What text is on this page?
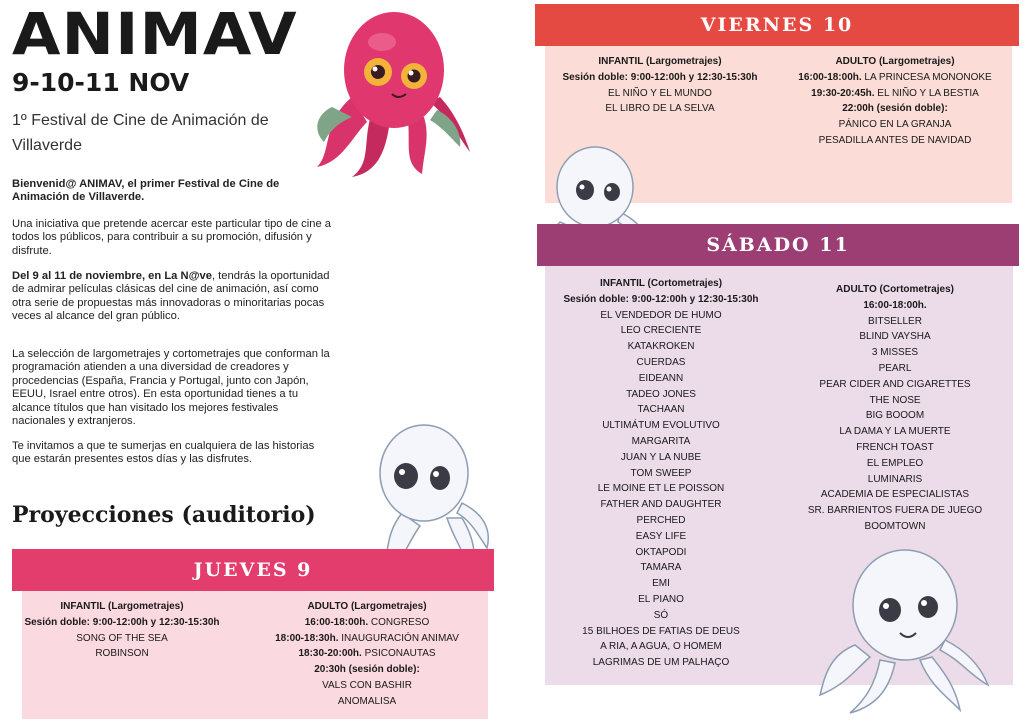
ANIMAV
9-10-11 NOV
1º Festival de Cine de Animación de Villaverde

Bienvenid@ ANIMAV, el primer Festival de Cine de Animación de Villaverde.

Una iniciativa que pretende acercar este particular tipo de cine a todos los públicos, para contribuir a su promoción, difusión y disfrute.

Del 9 al 11 de noviembre, en La N@ve, tendrás la oportunidad de admirar películas clásicas del cine de animación, así como otra serie de propuestas más innovadoras o minoritarias pocas veces al alcance del gran público.

La selección de largometrajes y cortometrajes que conforman la programación atienden a una diversidad de creadores y procedencias (España, Francia y Portugal, junto con Japón, EEUU, Israel entre otros). En esta oportunidad tienes a tu alcance títulos que han visitado los mejores festivales nacionales y extranjeros.

Te invitamos a que te sumerjas en cualquiera de las historias que estarán presentes estos días y las disfrutes.

Proyecciones (auditorio)
JUEVES 9
INFANTIL (Largometrajes)
Sesión doble: 9:00-12:00h y 12:30-15:30h
SONG OF THE SEA
ROBINSON
ADULTO (Largometrajes)
16:00-18:00h. CONGRESO
18:00-18:30h. INAUGURACIÓN ANIMAV
18:30-20:00h. PSICONAUTAS
20:30h (sesión doble):
VALS CON BASHIR
ANOMALISA
VIERNES 10
INFANTIL (Largometrajes)
Sesión doble: 9:00-12:00h y 12:30-15:30h
EL NIÑO Y EL MUNDO
EL LIBRO DE LA SELVA
ADULTO (Largometrajes)
16:00-18:00h. LA PRINCESA MONONOKE
19:30-20:45h. EL NIÑO Y LA BESTIA
22:00h (sesión doble):
PÁNICO EN LA GRANJA
PESADILLA ANTES DE NAVIDAD
SÁBADO 11
INFANTIL (Cortometrajes)
Sesión doble: 9:00-12:00h y 12:30-15:30h
EL VENDEDOR DE HUMO
LEO CRECIENTE
KATAKROKEN
CUERDAS
EIDEANN
TADEO JONES
TACHAAN
ULTIMÁTUM EVOLUTIVO
MARGARITA
JUAN Y LA NUBE
TOM SWEEP
LE MOINE ET LE POISSON
FATHER AND DAUGHTER
PERCHED
EASY LIFE
OKTAPODI
TAMARA
EMI
EL PIANO
SÓ
15 BILHOES DE FATIAS DE DEUS
A RIA, A AGUA, O HOMEM
LAGRIMAS DE UM PALHAÇO
ADULTO (Cortometrajes)
16:00-18:00h.
BITSELLER
BLIND VAYSHA
3 MISSES
PEARL
PEAR CIDER AND CIGARETTES
THE NOSE
BIG BOOOM
LA DAMA Y LA MUERTE
FRENCH TOAST
EL EMPLEO
LUMINARIS
ACADEMIA DE ESPECIALISTAS
SR. BARRIENTOS FUERA DE JUEGO
BOOMTOWN
